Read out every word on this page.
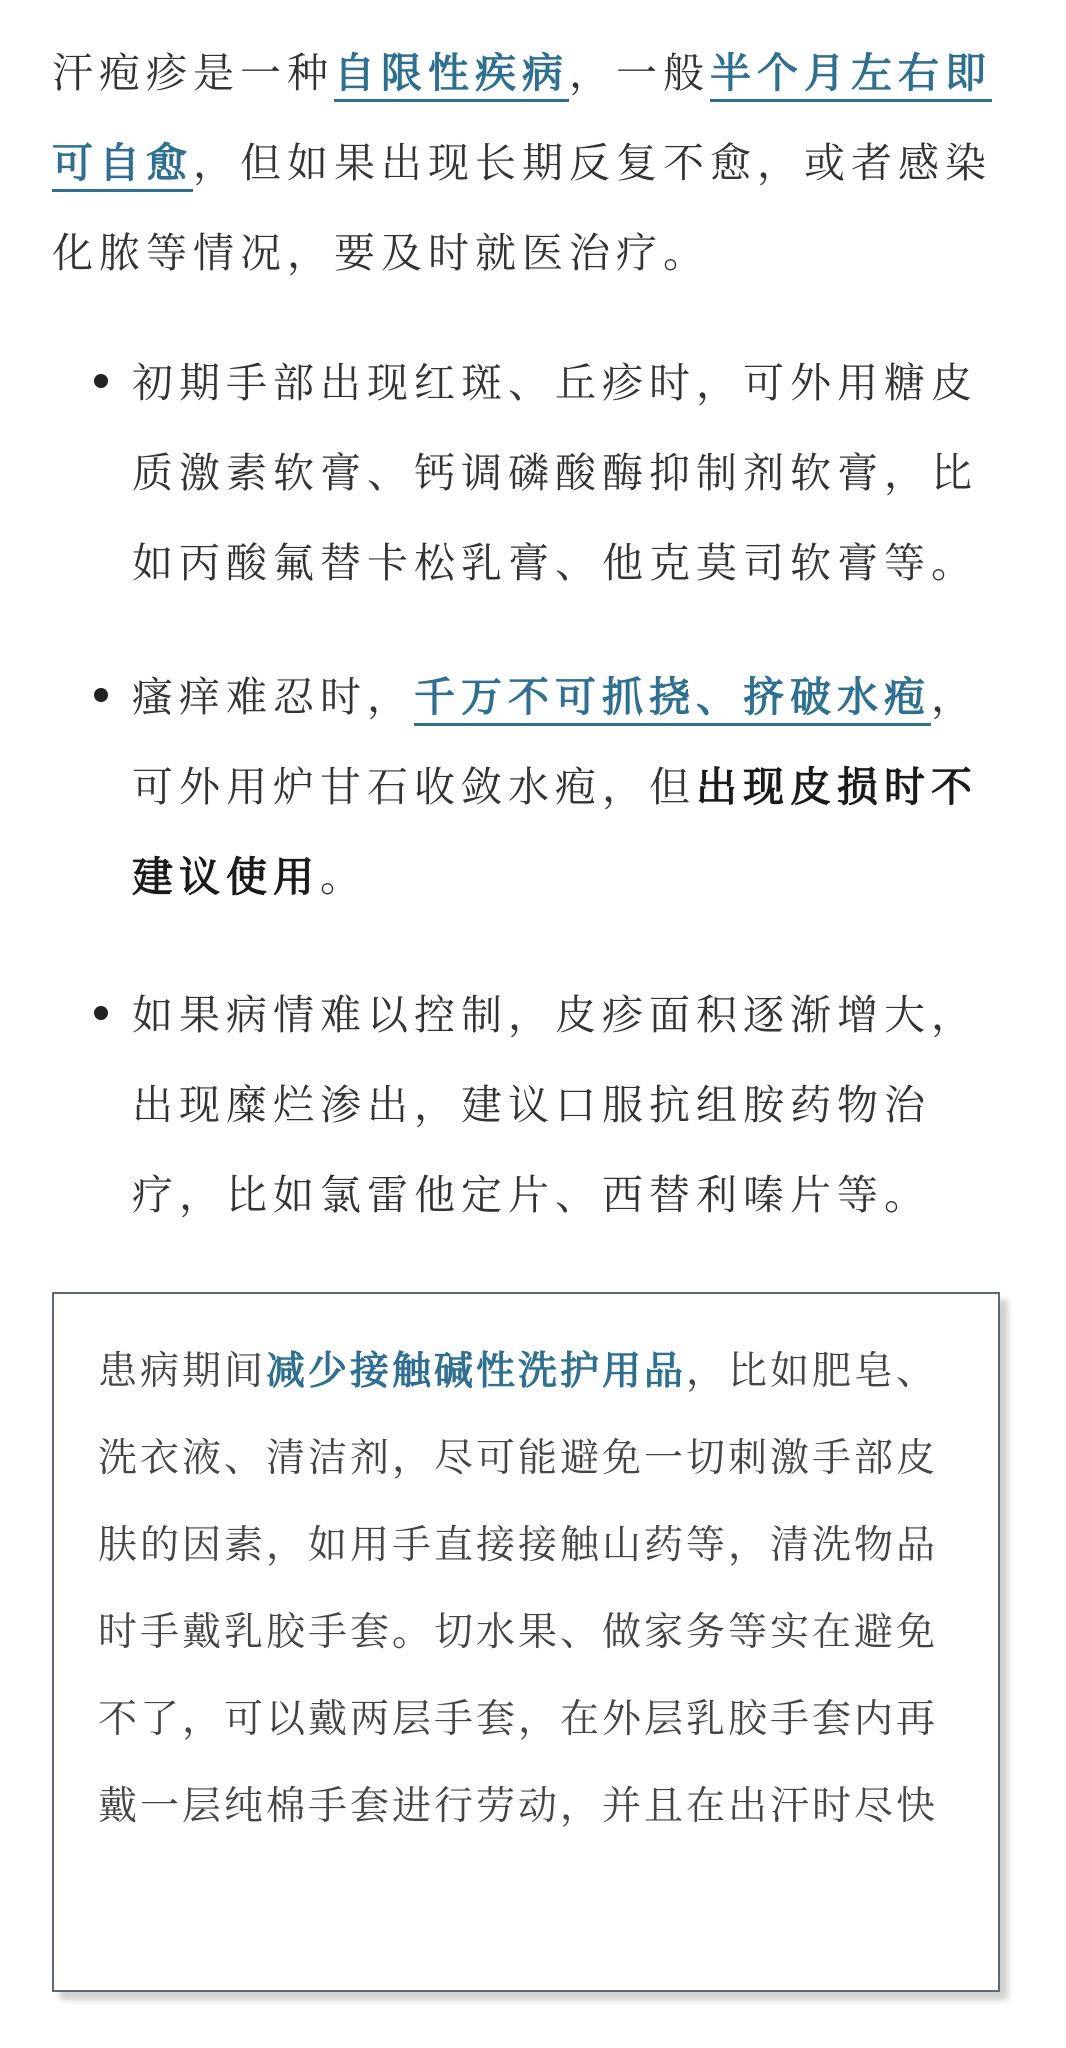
汗疱疹是一种自限性疾病，一般半个月左右即可自愈，但如果出现长期反复不愈，或者感染化脓等情况，要及时就医治疗。

初期手部出现红斑、丘疹时，可外用糖皮质激素软膏、钙调磷酸酶抑制剂软膏，比如丙酸氟替卡松乳膏、他克莫司软膏等。
瘙痒难忍时，千万不可抓挠、挤破水疱，可外用炉甘石收敛水疱，但出现皮损时不建议使用。
如果病情难以控制，皮疹面积逐渐增大，出现糜烂渗出，建议口服抗组胺药物治疗，比如氯雷他定片、西替利嗪片等。

患病期间减少接触碱性洗护用品，比如肥皂、洗衣液、清洁剂，尽可能避免一切刺激手部皮肤的因素，如用手直接接触山药等，清洗物品时手戴乳胶手套。切水果、做家务等实在避免不了，可以戴两层手套，在外层乳胶手套内再戴一层纯棉手套进行劳动，并且在出汗时尽快
